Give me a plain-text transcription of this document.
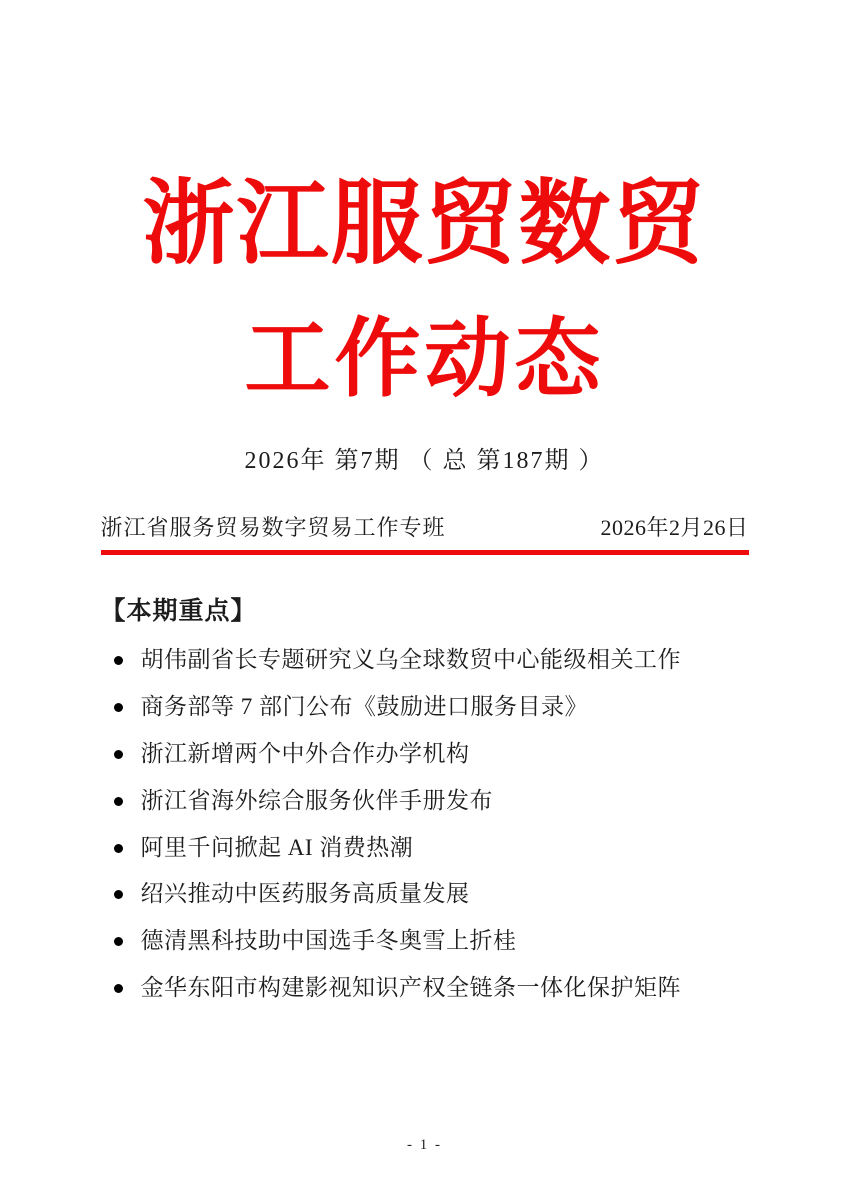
浙江服贸数贸
工作动态
2026年 第7期 （ 总 第187期 ）
浙江省服务贸易数字贸易工作专班	2026年2月26日
【本期重点】
胡伟副省长专题研究义乌全球数贸中心能级相关工作
商务部等 7 部门公布《鼓励进口服务目录》
浙江新增两个中外合作办学机构
浙江省海外综合服务伙伴手册发布
阿里千问掀起 AI 消费热潮
绍兴推动中医药服务高质量发展
德清黑科技助中国选手冬奥雪上折桂
金华东阳市构建影视知识产权全链条一体化保护矩阵
- 1 -
